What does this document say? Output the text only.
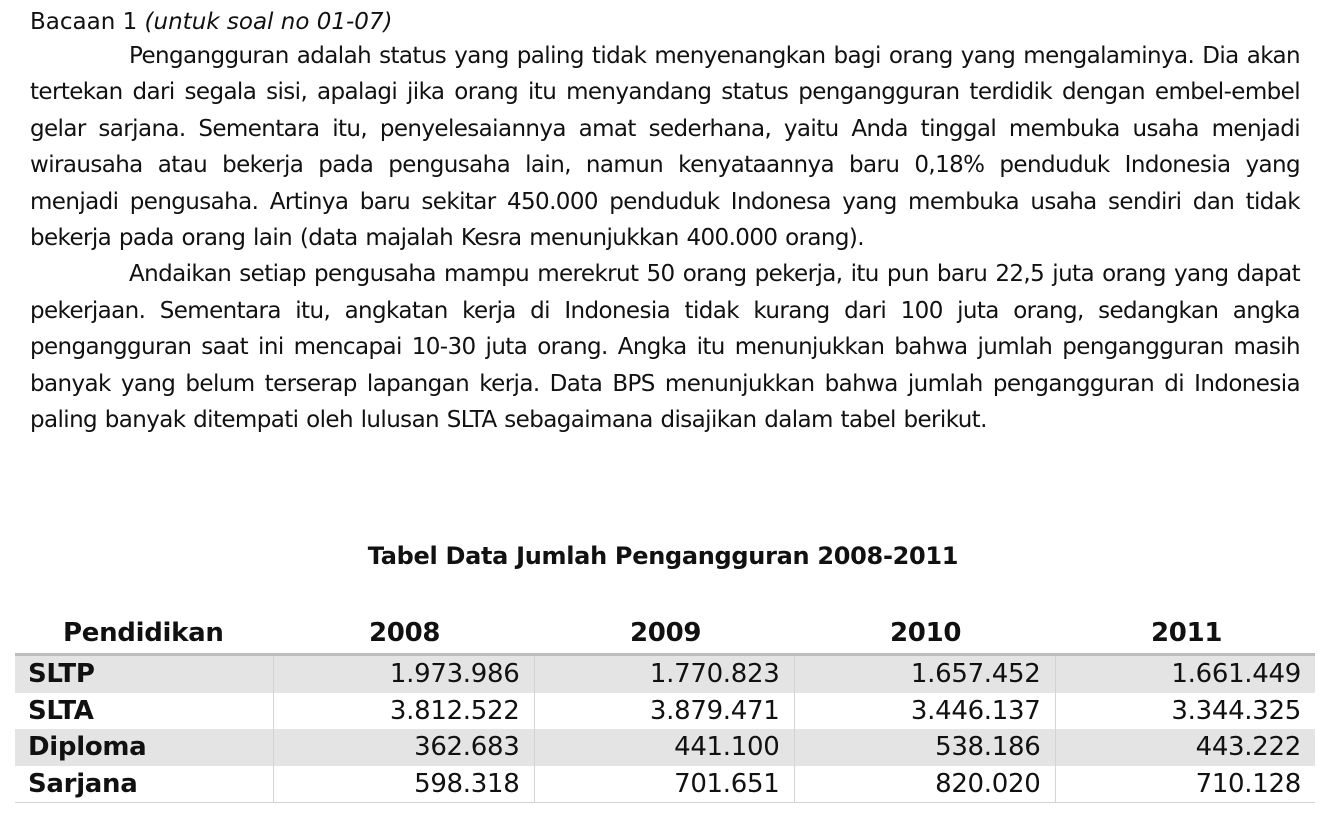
Bacaan 1 (untuk soal no 01-07)

Pengangguran adalah status yang paling tidak menyenangkan bagi orang yang mengalaminya. Dia akan tertekan dari segala sisi, apalagi jika orang itu menyandang status pengangguran terdidik dengan embel-embel gelar sarjana. Sementara itu, penyelesaiannya amat sederhana, yaitu Anda tinggal membuka usaha menjadi wirausaha atau bekerja pada pengusaha lain, namun kenyataannya baru 0,18% penduduk Indonesia yang menjadi pengusaha. Artinya baru sekitar 450.000 penduduk Indonesa yang membuka usaha sendiri dan tidak bekerja pada orang lain (data majalah Kesra menunjukkan 400.000 orang).

Andaikan setiap pengusaha mampu merekrut 50 orang pekerja, itu pun baru 22,5 juta orang yang dapat pekerjaan. Sementara itu, angkatan kerja di Indonesia tidak kurang dari 100 juta orang, sedangkan angka pengangguran saat ini mencapai 10-30 juta orang. Angka itu menunjukkan bahwa jumlah pengangguran masih banyak yang belum terserap lapangan kerja. Data BPS menunjukkan bahwa jumlah pengangguran di Indonesia paling banyak ditempati oleh lulusan SLTA sebagaimana disajikan dalam tabel berikut.

Tabel Data Jumlah Pengangguran 2008-2011

Pendidikan	2008	2009	2010	2011
SLTP	1.973.986	1.770.823	1.657.452	1.661.449
SLTA	3.812.522	3.879.471	3.446.137	3.344.325
Diploma	362.683	441.100	538.186	443.222
Sarjana	598.318	701.651	820.020	710.128
